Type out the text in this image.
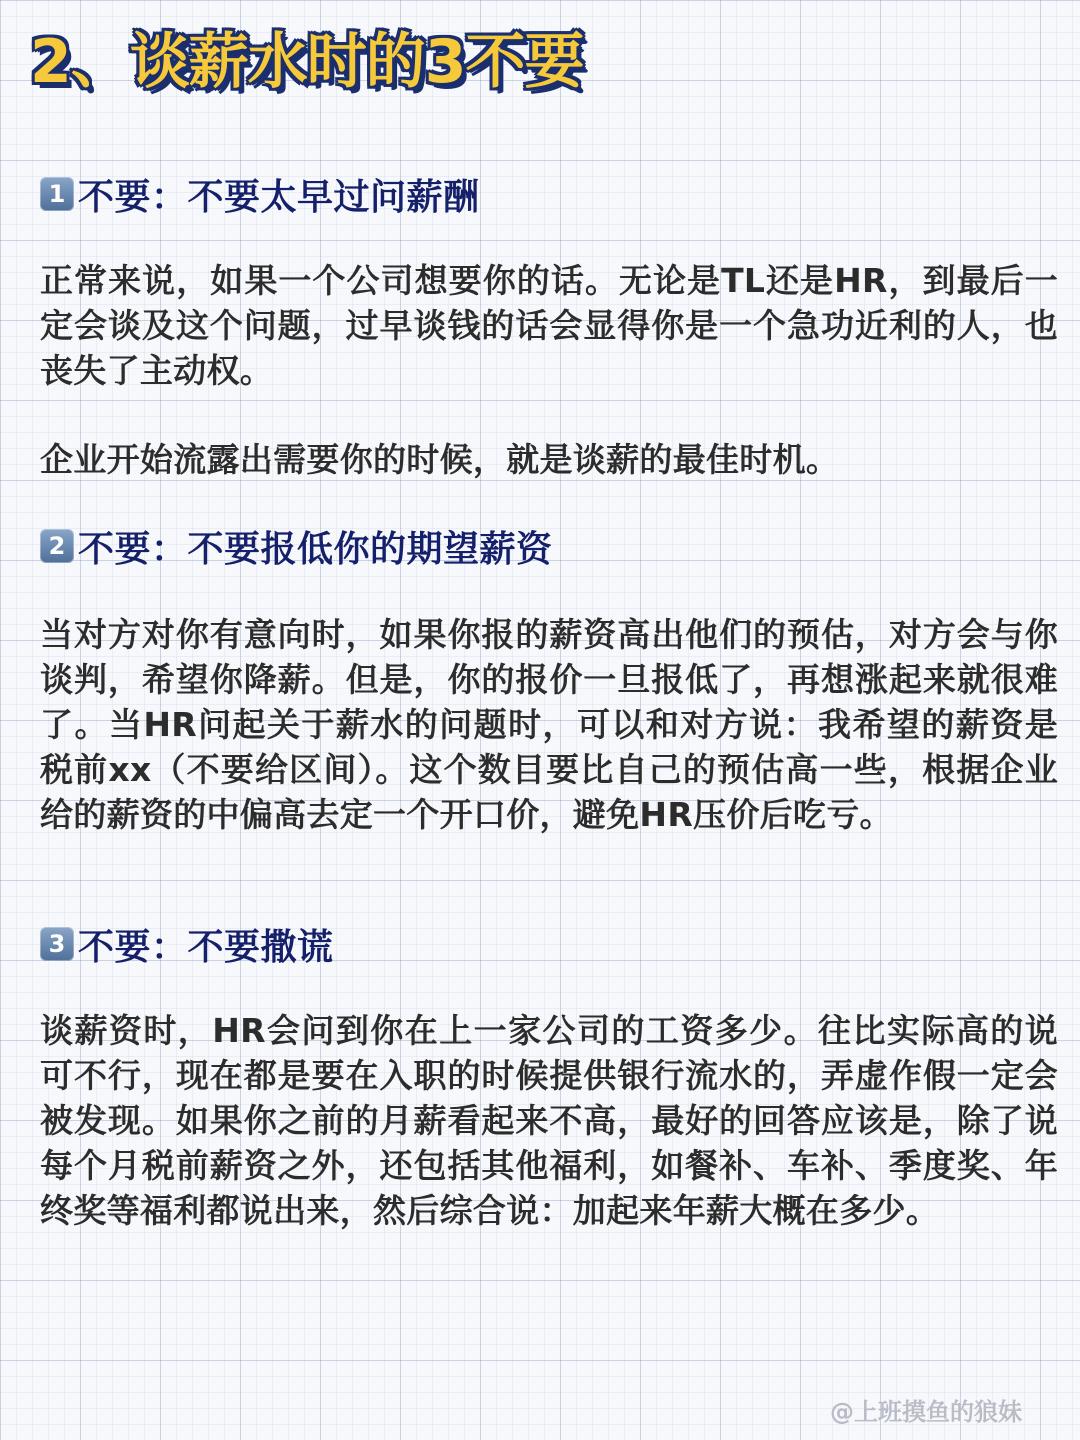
2、谈薪水时的3不要
1 不要：不要太早过问薪酬

正常来说，如果一个公司想要你的话。无论是TL还是HR，到最后一定会谈及这个问题，过早谈钱的话会显得你是一个急功近利的人，也丧失了主动权。

企业开始流露出需要你的时候，就是谈薪的最佳时机。

2 不要：不要报低你的期望薪资

当对方对你有意向时，如果你报的薪资高出他们的预估，对方会与你谈判，希望你降薪。但是，你的报价一旦报低了，再想涨起来就很难了。当HR问起关于薪水的问题时，可以和对方说：我希望的薪资是税前xx（不要给区间）。这个数目要比自己的预估高一些，根据企业给的薪资的中偏高去定一个开口价，避免HR压价后吃亏。

3 不要：不要撒谎

谈薪资时，HR会问到你在上一家公司的工资多少。往比实际高的说可不行，现在都是要在入职的时候提供银行流水的，弄虚作假一定会被发现。如果你之前的月薪看起来不高，最好的回答应该是，除了说每个月税前薪资之外，还包括其他福利，如餐补、车补、季度奖、年终奖等福利都说出来，然后综合说：加起来年薪大概在多少。

@上班摸鱼的狼妹
